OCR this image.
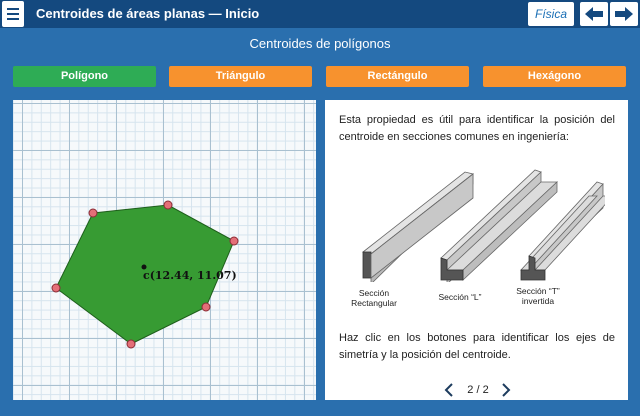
Centroides de áreas planas — Inicio	Física
Centroides de polígonos
Polígono	Triángulo	Rectángulo	Hexágono
c(12.44, 11.07)
Esta propiedad es útil para identificar la posición del centroide en secciones comunes en ingeniería:
Sección Rectangular
Sección “L”
Sección “T” invertida
Haz clic en los botones para identificar los ejes de simetría y la posición del centroide.
2 / 2
